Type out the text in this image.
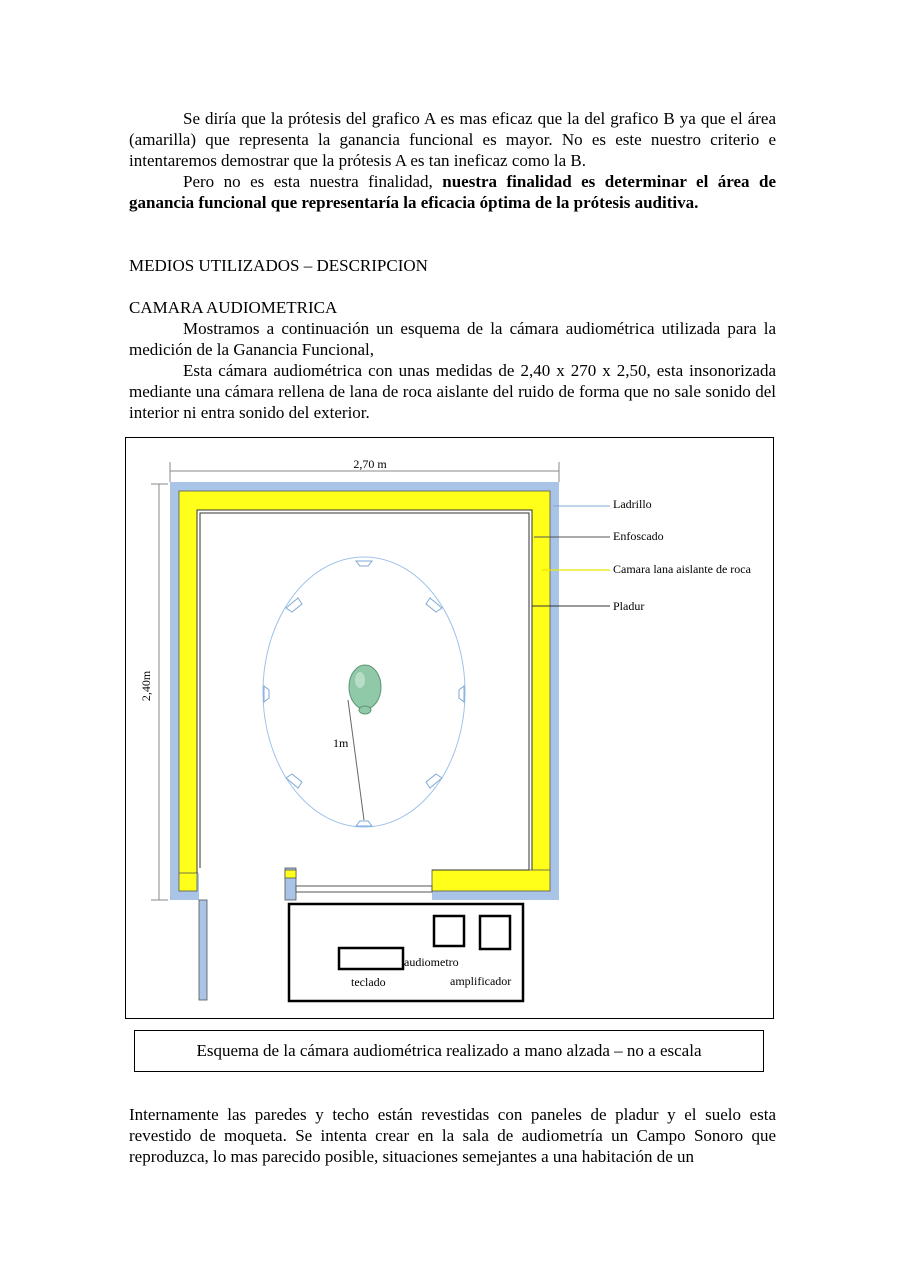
Se diría que la prótesis del grafico A es mas eficaz que la del grafico B ya que el área (amarilla) que representa la ganancia funcional es mayor. No es este nuestro criterio e intentaremos demostrar que la prótesis A es tan ineficaz como la B.

Pero no es esta nuestra finalidad, nuestra finalidad es determinar el área de ganancia funcional que representaría la eficacia óptima de la prótesis auditiva.

MEDIOS UTILIZADOS – DESCRIPCION

CAMARA AUDIOMETRICA

Mostramos a continuación un esquema de la cámara audiométrica utilizada para la medición de la Ganancia Funcional,

Esta cámara audiométrica con unas medidas de 2,40 x 270 x 2,50, esta insonorizada mediante una cámara rellena de lana de roca aislante del ruido de forma que no sale sonido del interior ni entra sonido del exterior.

2,70 m
2,40m
1m
Ladrillo
Enfoscado
Camara lana aislante de roca
Pladur
audiometro
teclado	amplificador
Esquema de la cámara audiométrica realizado a mano alzada – no a escala

Internamente las paredes y techo están revestidas con paneles de pladur y el suelo esta revestido de moqueta. Se intenta crear en la sala de audiometría un Campo Sonoro que reproduzca, lo mas parecido posible, situaciones semejantes a una habitación de un
